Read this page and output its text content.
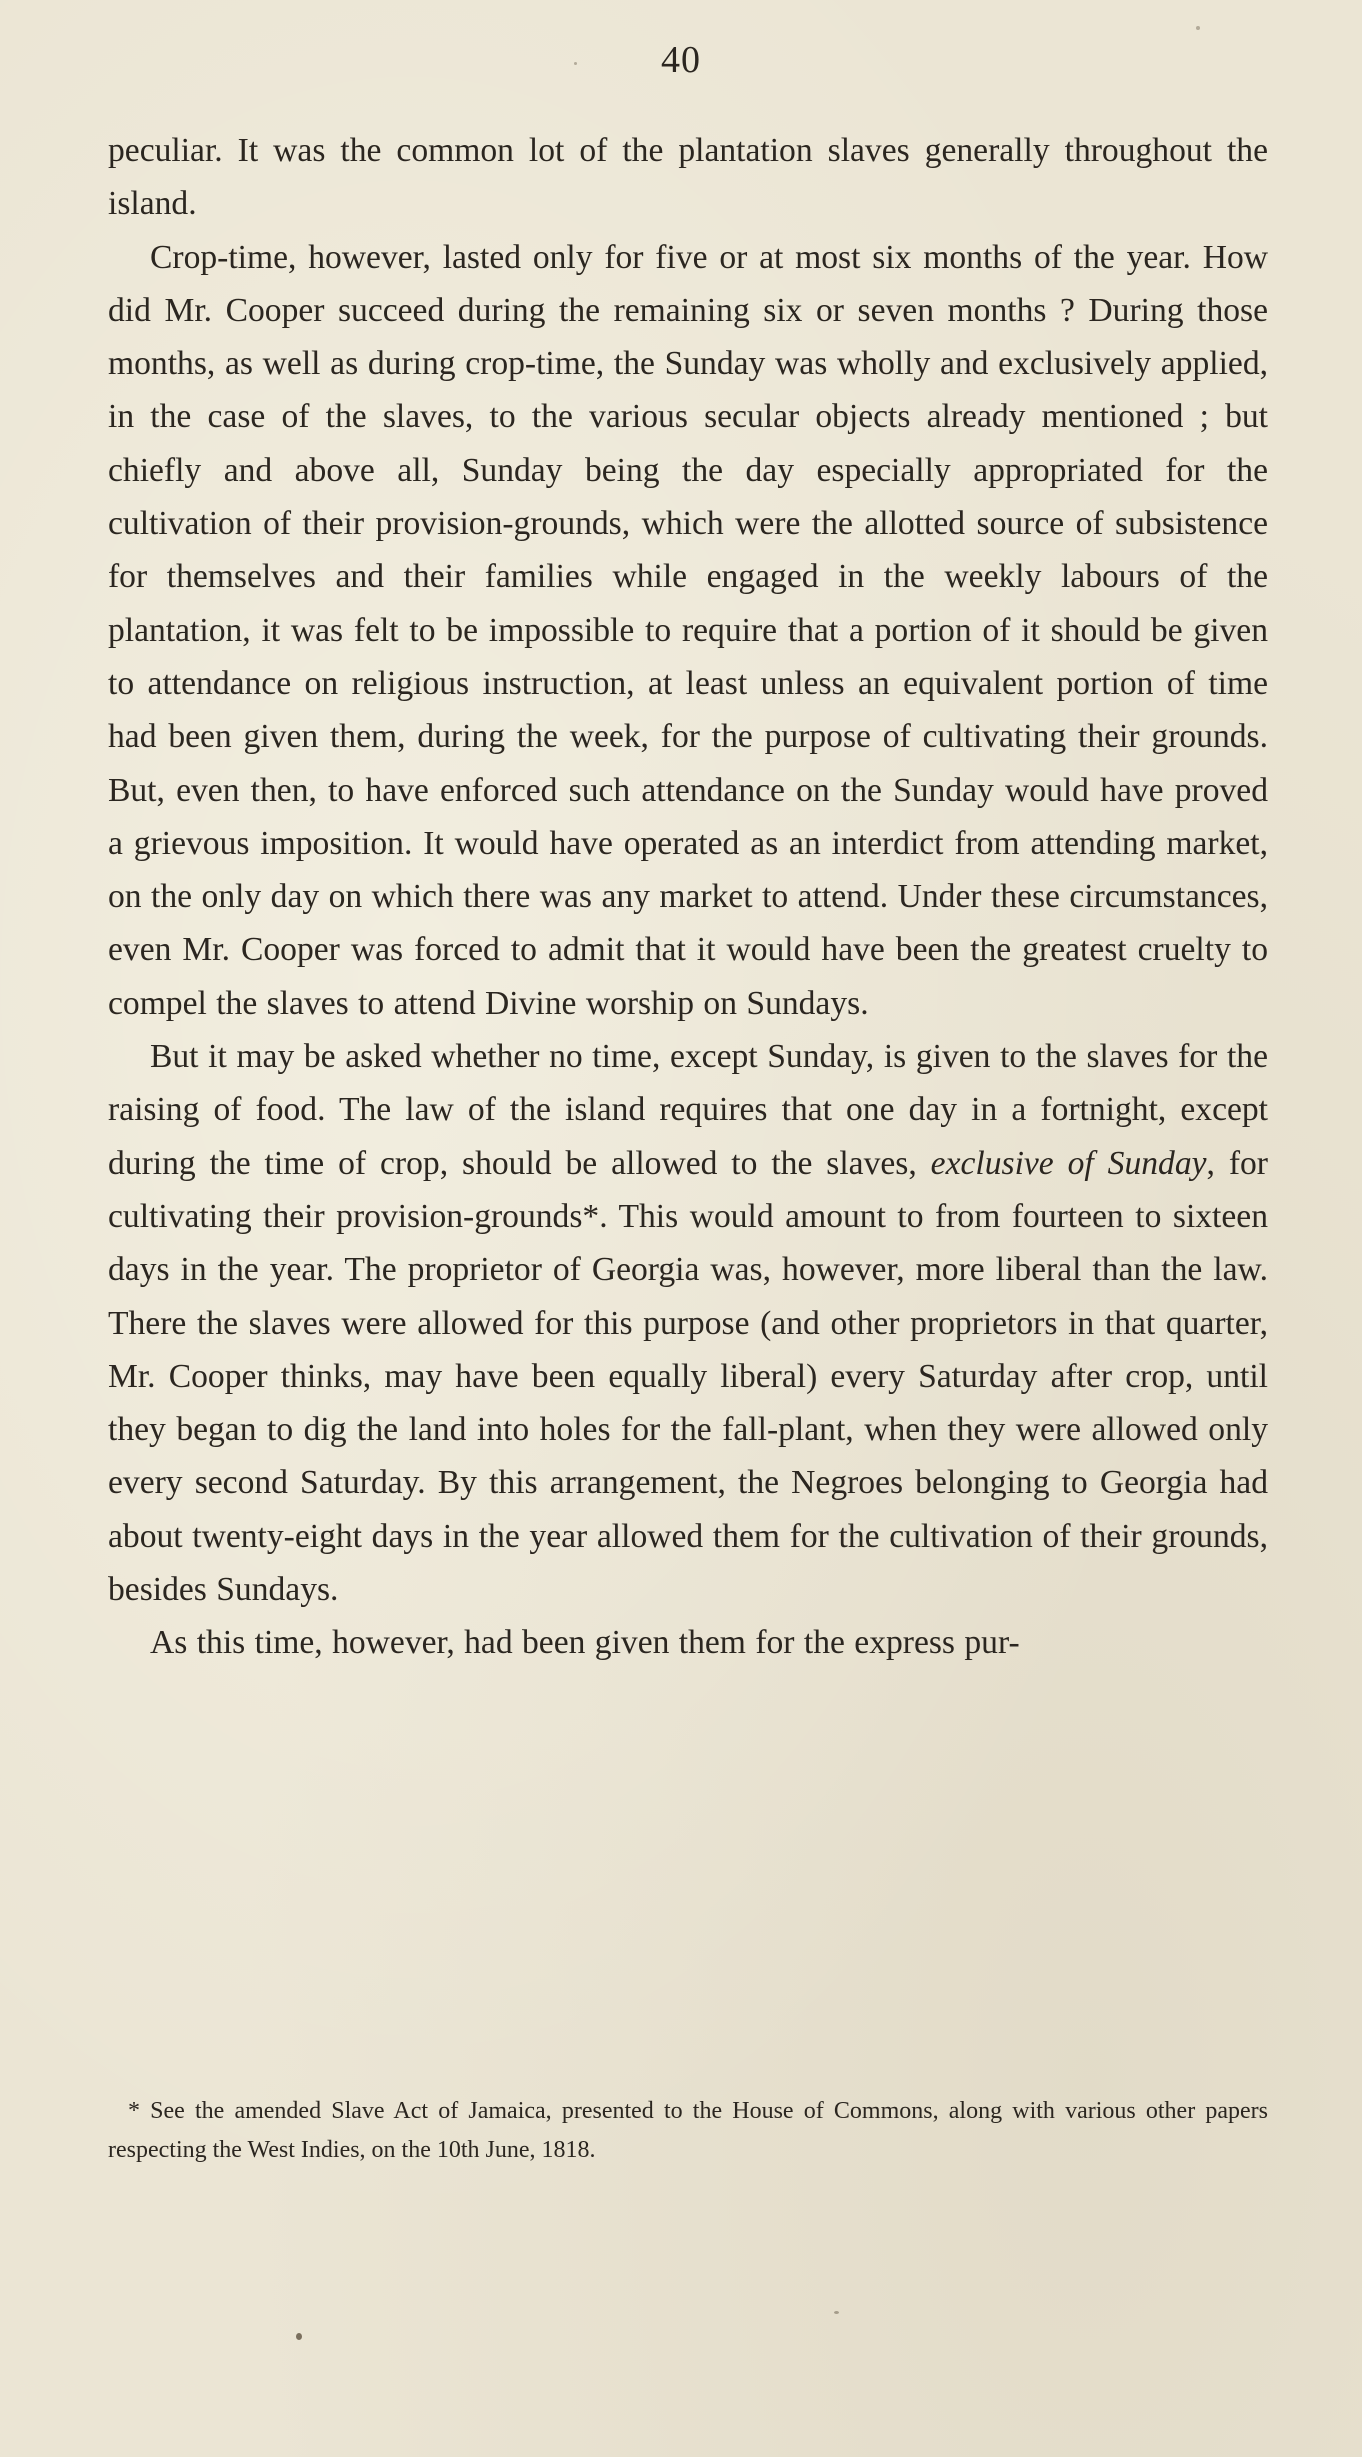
40

peculiar. It was the common lot of the plantation slaves generally throughout the island.

Crop-time, however, lasted only for five or at most six months of the year. How did Mr. Cooper succeed during the remaining six or seven months ? During those months, as well as during crop-time, the Sunday was wholly and exclusively applied, in the case of the slaves, to the various secular objects already mentioned ; but chiefly and above all, Sunday being the day especially appropriated for the cultivation of their provision-grounds, which were the allotted source of subsistence for themselves and their families while engaged in the weekly labours of the plantation, it was felt to be impossible to require that a portion of it should be given to attendance on religious instruction, at least unless an equivalent portion of time had been given them, during the week, for the purpose of cultivating their grounds. But, even then, to have enforced such attendance on the Sunday would have proved a grievous imposition. It would have operated as an interdict from attending market, on the only day on which there was any market to attend. Under these circumstances, even Mr. Cooper was forced to admit that it would have been the greatest cruelty to compel the slaves to attend Divine worship on Sundays.

But it may be asked whether no time, except Sunday, is given to the slaves for the raising of food. The law of the island requires that one day in a fortnight, except during the time of crop, should be allowed to the slaves, exclusive of Sunday, for cultivating their provision-grounds*. This would amount to from fourteen to sixteen days in the year. The proprietor of Georgia was, however, more liberal than the law. There the slaves were allowed for this purpose (and other proprietors in that quarter, Mr. Cooper thinks, may have been equally liberal) every Saturday after crop, until they began to dig the land into holes for the fall-plant, when they were allowed only every second Saturday. By this arrangement, the Negroes belonging to Georgia had about twenty-eight days in the year allowed them for the cultivation of their grounds, besides Sundays.

As this time, however, had been given them for the express pur-

* See the amended Slave Act of Jamaica, presented to the House of Commons, along with various other papers respecting the West Indies, on the 10th June, 1818.
